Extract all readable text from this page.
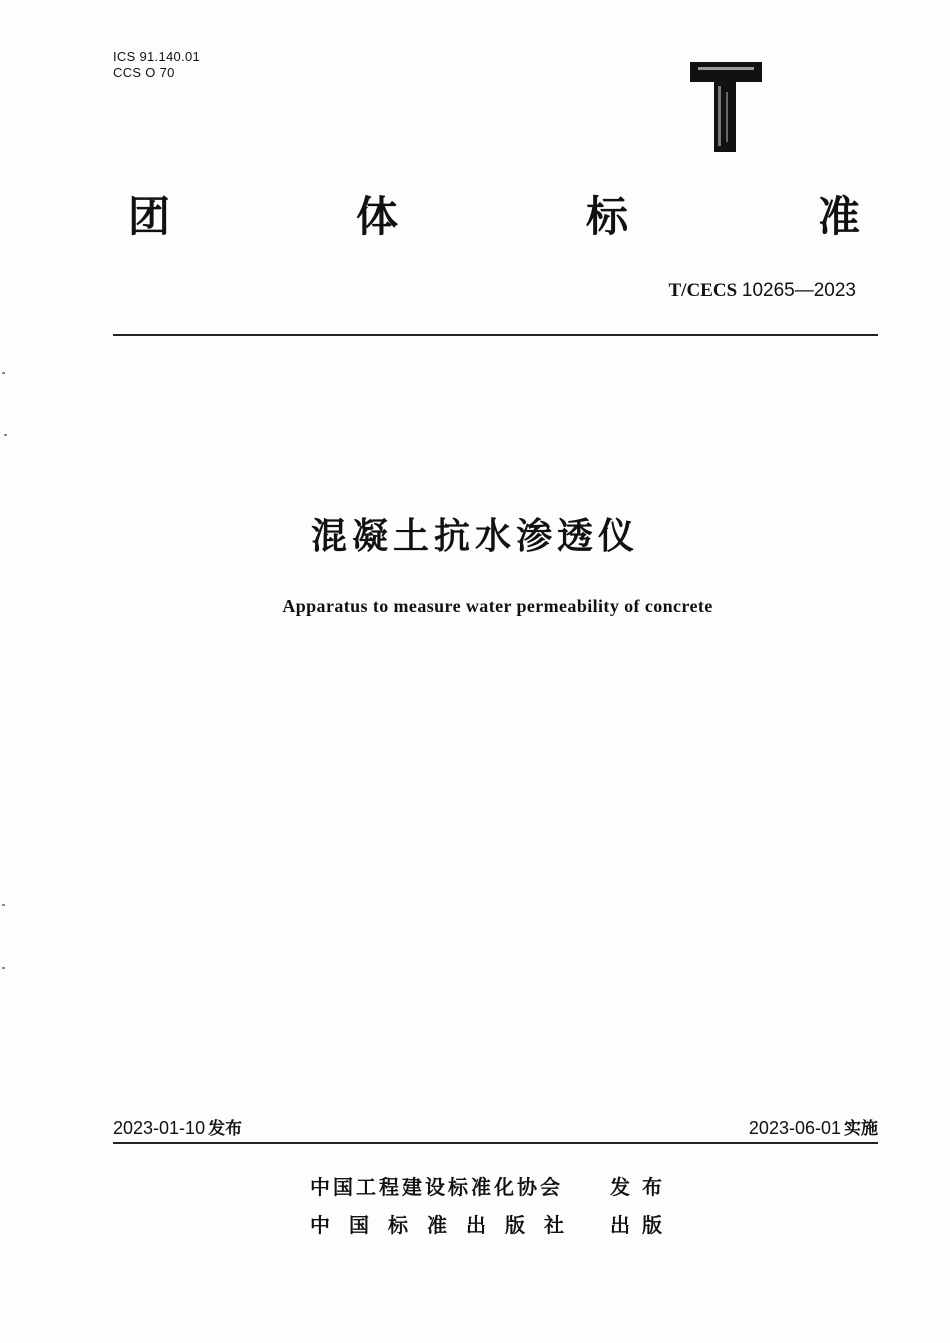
ICS 91.140.01
CCS O 70
团	体	标	准
T/CECS 10265—2023
混凝土抗水渗透仪
Apparatus to measure water permeability of concrete
2023-01-10 发布	2023-06-01 实施
中国工程建设标准化协会 发布
中 国 标 准 出 版 社 出版
